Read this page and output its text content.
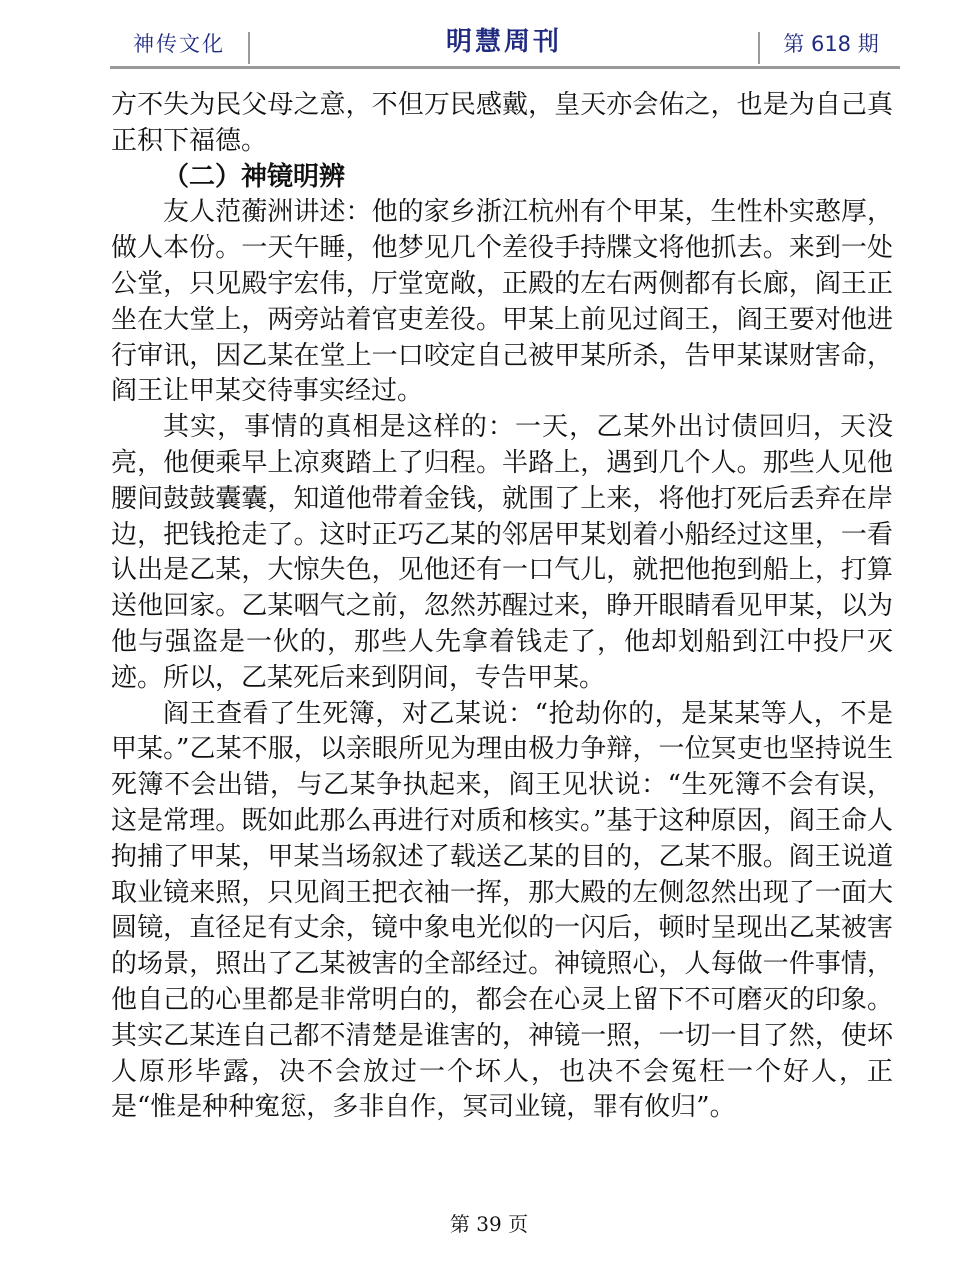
神传文化	明慧周刊	第 618 期

方不失为民父母之意，不但万民感戴，皇天亦会佑之，也是为自己真正积下福德。

（二）神镜明辨

友人范蘅洲讲述：他的家乡浙江杭州有个甲某，生性朴实憨厚，做人本份。一天午睡，他梦见几个差役手持牒文将他抓去。来到一处公堂，只见殿宇宏伟，厅堂宽敞，正殿的左右两侧都有长廊，阎王正坐在大堂上，两旁站着官吏差役。甲某上前见过阎王，阎王要对他进行审讯，因乙某在堂上一口咬定自己被甲某所杀，告甲某谋财害命，阎王让甲某交待事实经过。

其实，事情的真相是这样的：一天，乙某外出讨债回归，天没亮，他便乘早上凉爽踏上了归程。半路上，遇到几个人。那些人见他腰间鼓鼓囊囊，知道他带着金钱，就围了上来，将他打死后丢弃在岸边，把钱抢走了。这时正巧乙某的邻居甲某划着小船经过这里，一看认出是乙某，大惊失色，见他还有一口气儿，就把他抱到船上，打算送他回家。乙某咽气之前，忽然苏醒过来，睁开眼睛看见甲某，以为他与强盗是一伙的，那些人先拿着钱走了，他却划船到江中投尸灭迹。所以，乙某死后来到阴间，专告甲某。

阎王查看了生死簿，对乙某说：“抢劫你的，是某某等人，不是甲某。”乙某不服，以亲眼所见为理由极力争辩，一位冥吏也坚持说生死簿不会出错，与乙某争执起来，阎王见状说：“生死簿不会有误，这是常理。既如此那么再进行对质和核实。”基于这种原因，阎王命人拘捕了甲某，甲某当场叙述了载送乙某的目的，乙某不服。阎王说道取业镜来照，只见阎王把衣袖一挥，那大殿的左侧忽然出现了一面大圆镜，直径足有丈余，镜中象电光似的一闪后，顿时呈现出乙某被害的场景，照出了乙某被害的全部经过。神镜照心，人每做一件事情，他自己的心里都是非常明白的，都会在心灵上留下不可磨灭的印象。其实乙某连自己都不清楚是谁害的，神镜一照，一切一目了然，使坏人原形毕露，决不会放过一个坏人，也决不会冤枉一个好人，正是“惟是种种寃愆，多非自作，冥司业镜，罪有攸归”。

第 39 页
